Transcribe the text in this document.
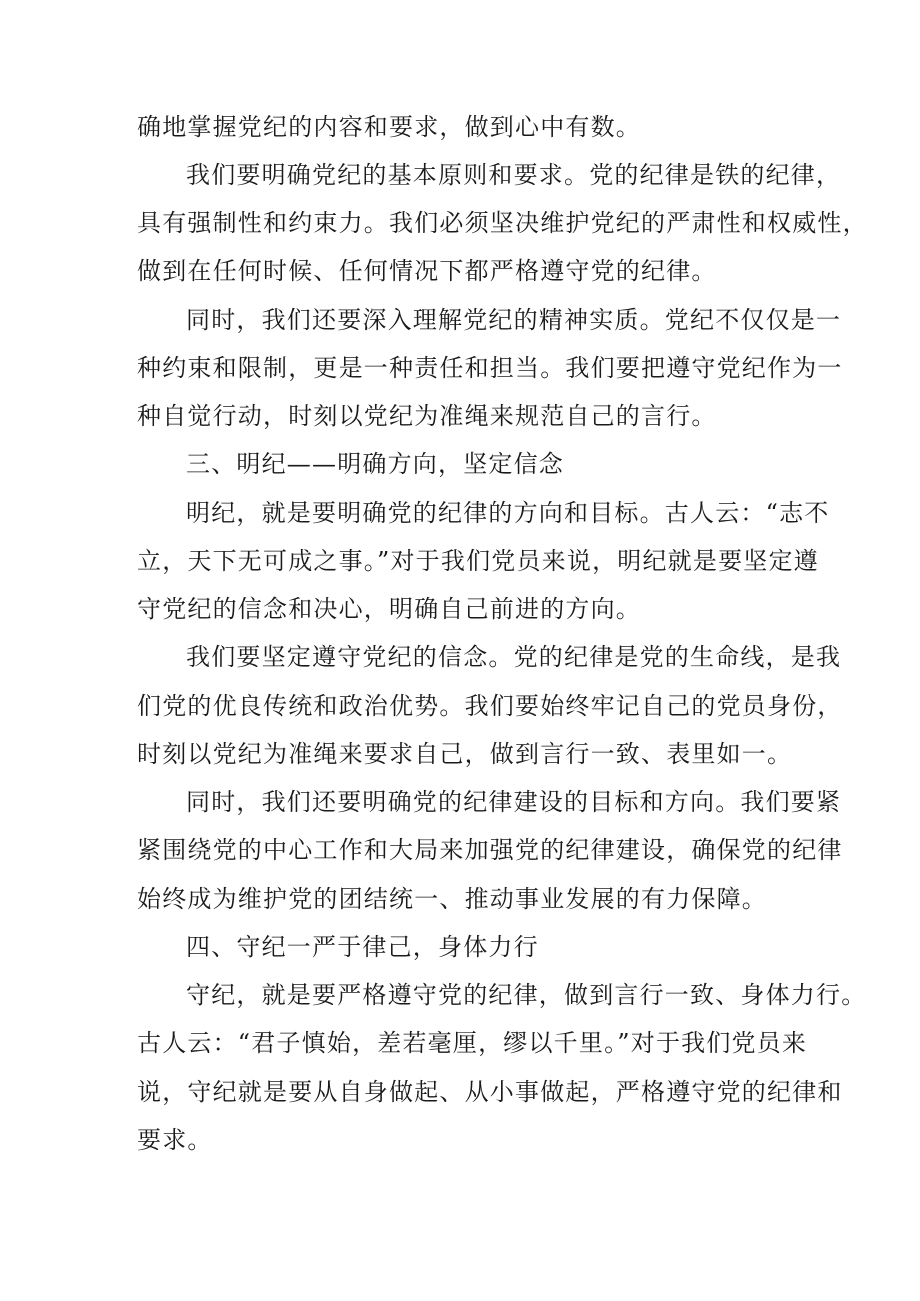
确地掌握党纪的内容和要求，做到心中有数。
我们要明确党纪的基本原则和要求。党的纪律是铁的纪律，
具有强制性和约束力。我们必须坚决维护党纪的严肃性和权威性，
做到在任何时候、任何情况下都严格遵守党的纪律。
同时，我们还要深入理解党纪的精神实质。党纪不仅仅是一
种约束和限制，更是一种责任和担当。我们要把遵守党纪作为一
种自觉行动，时刻以党纪为准绳来规范自己的言行。
三、明纪——明确方向，坚定信念
明纪，就是要明确党的纪律的方向和目标。古人云：“志不
立，天下无可成之事。”对于我们党员来说，明纪就是要坚定遵
守党纪的信念和决心，明确自己前进的方向。
我们要坚定遵守党纪的信念。党的纪律是党的生命线，是我
们党的优良传统和政治优势。我们要始终牢记自己的党员身份，
时刻以党纪为准绳来要求自己，做到言行一致、表里如一。
同时，我们还要明确党的纪律建设的目标和方向。我们要紧
紧围绕党的中心工作和大局来加强党的纪律建设，确保党的纪律
始终成为维护党的团结统一、推动事业发展的有力保障。
四、守纪一严于律己，身体力行
守纪，就是要严格遵守党的纪律，做到言行一致、身体力行。
古人云：“君子慎始，差若毫厘，缪以千里。”对于我们党员来
说，守纪就是要从自身做起、从小事做起，严格遵守党的纪律和
要求。
